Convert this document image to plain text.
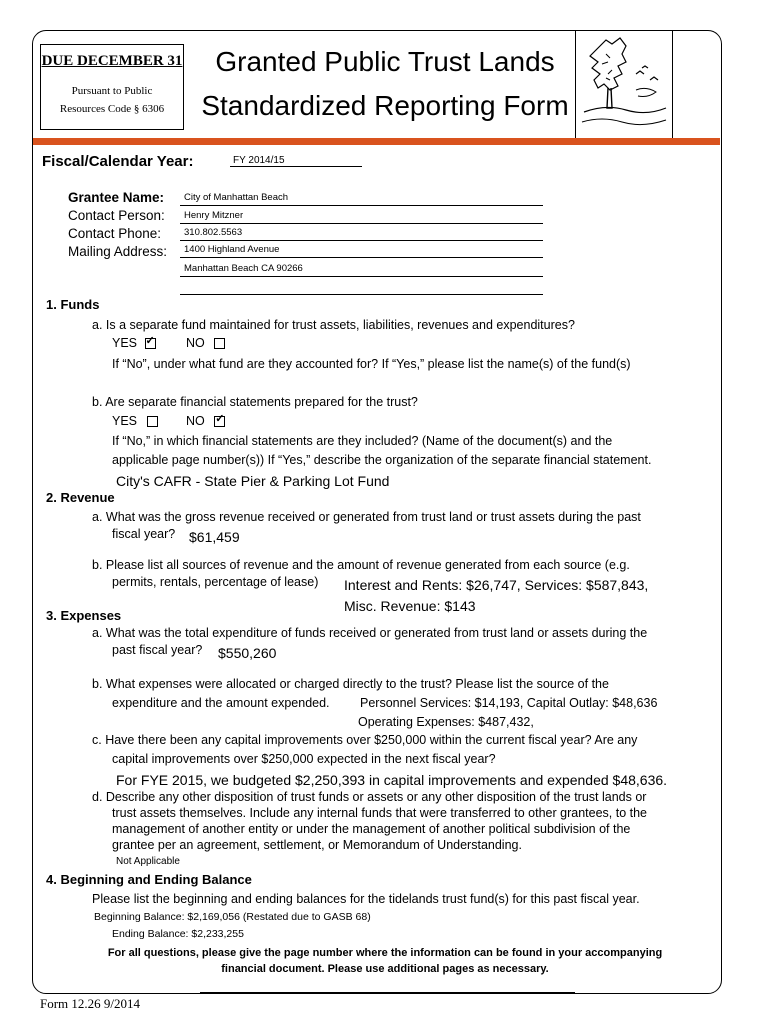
DUE DECEMBER 31
Pursuant to Public
Resources Code § 6306
Granted Public Trust Lands
Standardized Reporting Form
Fiscal/Calendar Year:	FY 2014/15
Grantee Name: City of Manhattan Beach
Contact Person: Henry Mitzner
Contact Phone: 310.802.5563
Mailing Address: 1400 Highland Avenue
Manhattan Beach CA 90266
1. Funds
a. Is a separate fund maintained for trust assets, liabilities, revenues and expenditures?
YES ✓	NO
If “No”, under what fund are they accounted for? If “Yes,” please list the name(s) of the fund(s)
b. Are separate financial statements prepared for the trust?
YES	NO ✓
If “No,” in which financial statements are they included? (Name of the document(s) and the
applicable page number(s)) If “Yes,” describe the organization of the separate financial statement.
City's CAFR - State Pier & Parking Lot Fund
2. Revenue
a. What was the gross revenue received or generated from trust land or trust assets during the past
fiscal year? $61,459
b. Please list all sources of revenue and the amount of revenue generated from each source (e.g.
permits, rentals, percentage of lease) Interest and Rents: $26,747, Services: $587,843,
Misc. Revenue: $143
3. Expenses
a. What was the total expenditure of funds received or generated from trust land or assets during the
past fiscal year? $550,260
b. What expenses were allocated or charged directly to the trust? Please list the source of the
expenditure and the amount expended. Personnel Services: $14,193, Capital Outlay: $48,636
Operating Expenses: $487,432,
c. Have there been any capital improvements over $250,000 within the current fiscal year? Are any
capital improvements over $250,000 expected in the next fiscal year?
For FYE 2015, we budgeted $2,250,393 in capital improvements and expended $48,636.
d. Describe any other disposition of trust funds or assets or any other disposition of the trust lands or
trust assets themselves. Include any internal funds that were transferred to other grantees, to the
management of another entity or under the management of another political subdivision of the
grantee per an agreement, settlement, or Memorandum of Understanding.
Not Applicable
4. Beginning and Ending Balance
Please list the beginning and ending balances for the tidelands trust fund(s) for this past fiscal year.
Beginning Balance: $2,169,056 (Restated due to GASB 68)
Ending Balance: $2,233,255
For all questions, please give the page number where the information can be found in your accompanying
financial document. Please use additional pages as necessary.
Form 12.26 9/2014
